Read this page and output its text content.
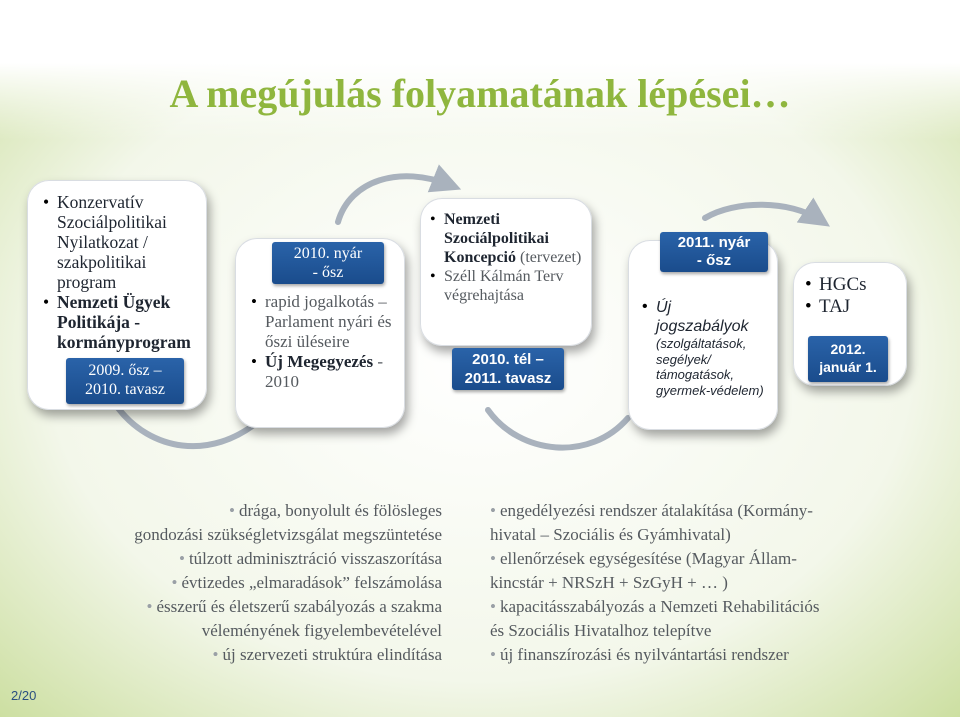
A megújulás folyamatának lépései…
• Konzervatív Szociálpolitikai Nyilatkozat / szakpolitikai program
• Nemzeti Ügyek Politikája - kormányprogram
2009. ősz –
2010. tavasz
• rapid jogalkotás – Parlament nyári és őszi üléseire
• Új Megegyezés - 2010
2010. nyár
- ősz
• Nemzeti Szociálpolitikai Koncepció (tervezet)
• Széll Kálmán Terv végrehajtása
2010. tél –
2011. tavasz
• Új jogszabályok
(szolgáltatások, segélyek/ támogatások, gyermek-védelem)
2011. nyár
- ősz
• HGCs
• TAJ
2012.
január 1.
• drága, bonyolult és fölösleges
gondozási szükségletvizsgálat megszüntetése
• túlzott adminisztráció visszaszorítása
• évtizedes „elmaradások” felszámolása
• ésszerű és életszerű szabályozás a szakma
véleményének figyelembevételével
• új szervezeti struktúra elindítása
• engedélyezési rendszer átalakítása (Kormány-
hivatal – Szociális és Gyámhivatal)
• ellenőrzések egységesítése (Magyar Állam-
kincstár + NRSzH + SzGyH + … )
• kapacitásszabályozás a Nemzeti Rehabilitációs
és Szociális Hivatalhoz telepítve
• új finanszírozási és nyilvántartási rendszer
2/20
